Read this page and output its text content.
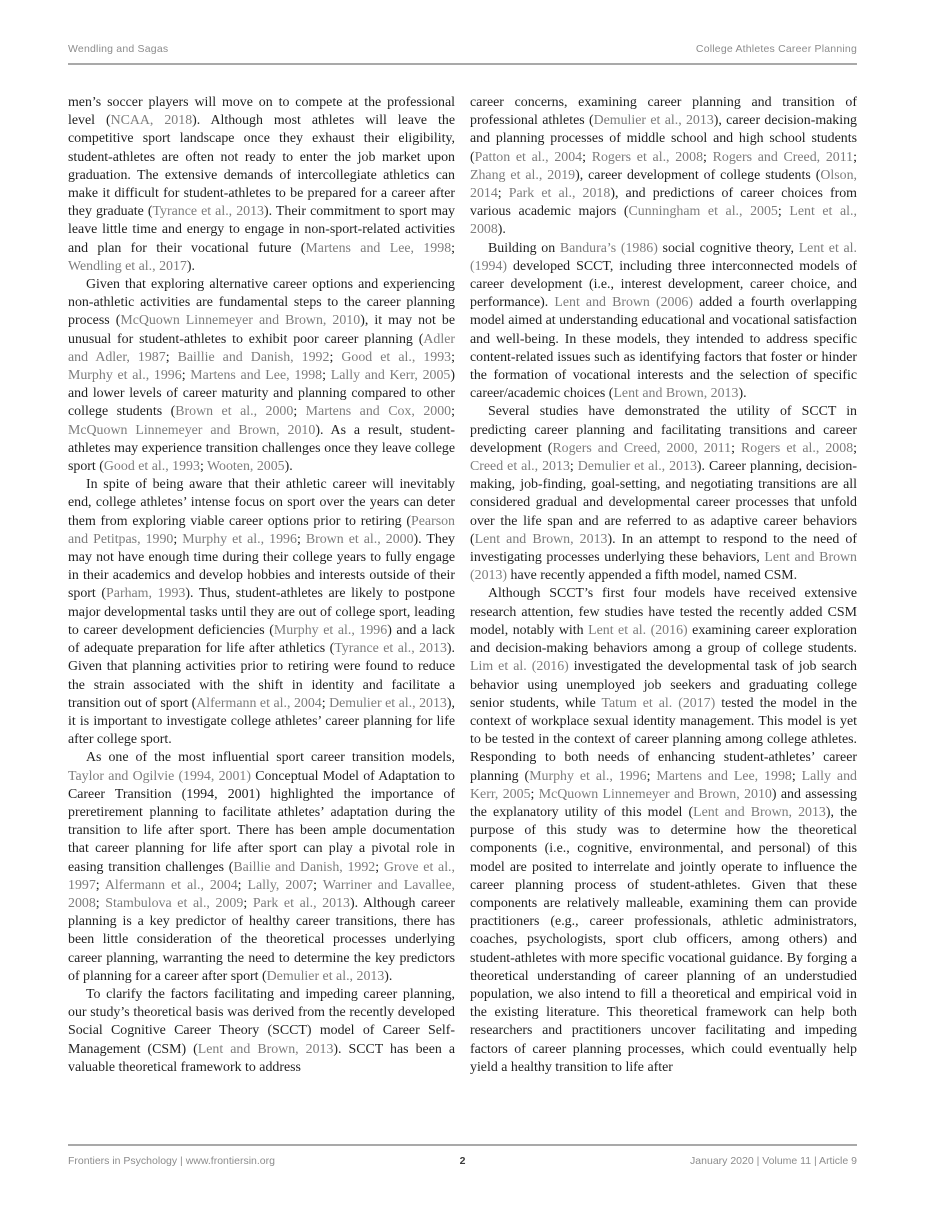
Wendling and Sagas	College Athletes Career Planning

men’s soccer players will move on to compete at the professional level (NCAA, 2018). Although most athletes will leave the competitive sport landscape once they exhaust their eligibility, student-athletes are often not ready to enter the job market upon graduation. The extensive demands of intercollegiate athletics can make it difficult for student-athletes to be prepared for a career after they graduate (Tyrance et al., 2013). Their commitment to sport may leave little time and energy to engage in non-sport-related activities and plan for their vocational future (Martens and Lee, 1998; Wendling et al., 2017).

Given that exploring alternative career options and experiencing non-athletic activities are fundamental steps to the career planning process (McQuown Linnemeyer and Brown, 2010), it may not be unusual for student-athletes to exhibit poor career planning (Adler and Adler, 1987; Baillie and Danish, 1992; Good et al., 1993; Murphy et al., 1996; Martens and Lee, 1998; Lally and Kerr, 2005) and lower levels of career maturity and planning compared to other college students (Brown et al., 2000; Martens and Cox, 2000; McQuown Linnemeyer and Brown, 2010). As a result, student-athletes may experience transition challenges once they leave college sport (Good et al., 1993; Wooten, 2005).

In spite of being aware that their athletic career will inevitably end, college athletes’ intense focus on sport over the years can deter them from exploring viable career options prior to retiring (Pearson and Petitpas, 1990; Murphy et al., 1996; Brown et al., 2000). They may not have enough time during their college years to fully engage in their academics and develop hobbies and interests outside of their sport (Parham, 1993). Thus, student-athletes are likely to postpone major developmental tasks until they are out of college sport, leading to career development deficiencies (Murphy et al., 1996) and a lack of adequate preparation for life after athletics (Tyrance et al., 2013). Given that planning activities prior to retiring were found to reduce the strain associated with the shift in identity and facilitate a transition out of sport (Alfermann et al., 2004; Demulier et al., 2013), it is important to investigate college athletes’ career planning for life after college sport.

As one of the most influential sport career transition models, Taylor and Ogilvie (1994, 2001) Conceptual Model of Adaptation to Career Transition (1994, 2001) highlighted the importance of preretirement planning to facilitate athletes’ adaptation during the transition to life after sport. There has been ample documentation that career planning for life after sport can play a pivotal role in easing transition challenges (Baillie and Danish, 1992; Grove et al., 1997; Alfermann et al., 2004; Lally, 2007; Warriner and Lavallee, 2008; Stambulova et al., 2009; Park et al., 2013). Although career planning is a key predictor of healthy career transitions, there has been little consideration of the theoretical processes underlying career planning, warranting the need to determine the key predictors of planning for a career after sport (Demulier et al., 2013).

To clarify the factors facilitating and impeding career planning, our study’s theoretical basis was derived from the recently developed Social Cognitive Career Theory (SCCT) model of Career Self-Management (CSM) (Lent and Brown, 2013). SCCT has been a valuable theoretical framework to address

career concerns, examining career planning and transition of professional athletes (Demulier et al., 2013), career decision-making and planning processes of middle school and high school students (Patton et al., 2004; Rogers et al., 2008; Rogers and Creed, 2011; Zhang et al., 2019), career development of college students (Olson, 2014; Park et al., 2018), and predictions of career choices from various academic majors (Cunningham et al., 2005; Lent et al., 2008).

Building on Bandura’s (1986) social cognitive theory, Lent et al. (1994) developed SCCT, including three interconnected models of career development (i.e., interest development, career choice, and performance). Lent and Brown (2006) added a fourth overlapping model aimed at understanding educational and vocational satisfaction and well-being. In these models, they intended to address specific content-related issues such as identifying factors that foster or hinder the formation of vocational interests and the selection of specific career/academic choices (Lent and Brown, 2013).

Several studies have demonstrated the utility of SCCT in predicting career planning and facilitating transitions and career development (Rogers and Creed, 2000, 2011; Rogers et al., 2008; Creed et al., 2013; Demulier et al., 2013). Career planning, decision-making, job-finding, goal-setting, and negotiating transitions are all considered gradual and developmental career processes that unfold over the life span and are referred to as adaptive career behaviors (Lent and Brown, 2013). In an attempt to respond to the need of investigating processes underlying these behaviors, Lent and Brown (2013) have recently appended a fifth model, named CSM.

Although SCCT’s first four models have received extensive research attention, few studies have tested the recently added CSM model, notably with Lent et al. (2016) examining career exploration and decision-making behaviors among a group of college students. Lim et al. (2016) investigated the developmental task of job search behavior using unemployed job seekers and graduating college senior students, while Tatum et al. (2017) tested the model in the context of workplace sexual identity management. This model is yet to be tested in the context of career planning among college athletes. Responding to both needs of enhancing student-athletes’ career planning (Murphy et al., 1996; Martens and Lee, 1998; Lally and Kerr, 2005; McQuown Linnemeyer and Brown, 2010) and assessing the explanatory utility of this model (Lent and Brown, 2013), the purpose of this study was to determine how the theoretical components (i.e., cognitive, environmental, and personal) of this model are posited to interrelate and jointly operate to influence the career planning process of student-athletes. Given that these components are relatively malleable, examining them can provide practitioners (e.g., career professionals, athletic administrators, coaches, psychologists, sport club officers, among others) and student-athletes with more specific vocational guidance. By forging a theoretical understanding of career planning of an understudied population, we also intend to fill a theoretical and empirical void in the existing literature. This theoretical framework can help both researchers and practitioners uncover facilitating and impeding factors of career planning processes, which could eventually help yield a healthy transition to life after

Frontiers in Psychology | www.frontiersin.org	2	January 2020 | Volume 11 | Article 9
